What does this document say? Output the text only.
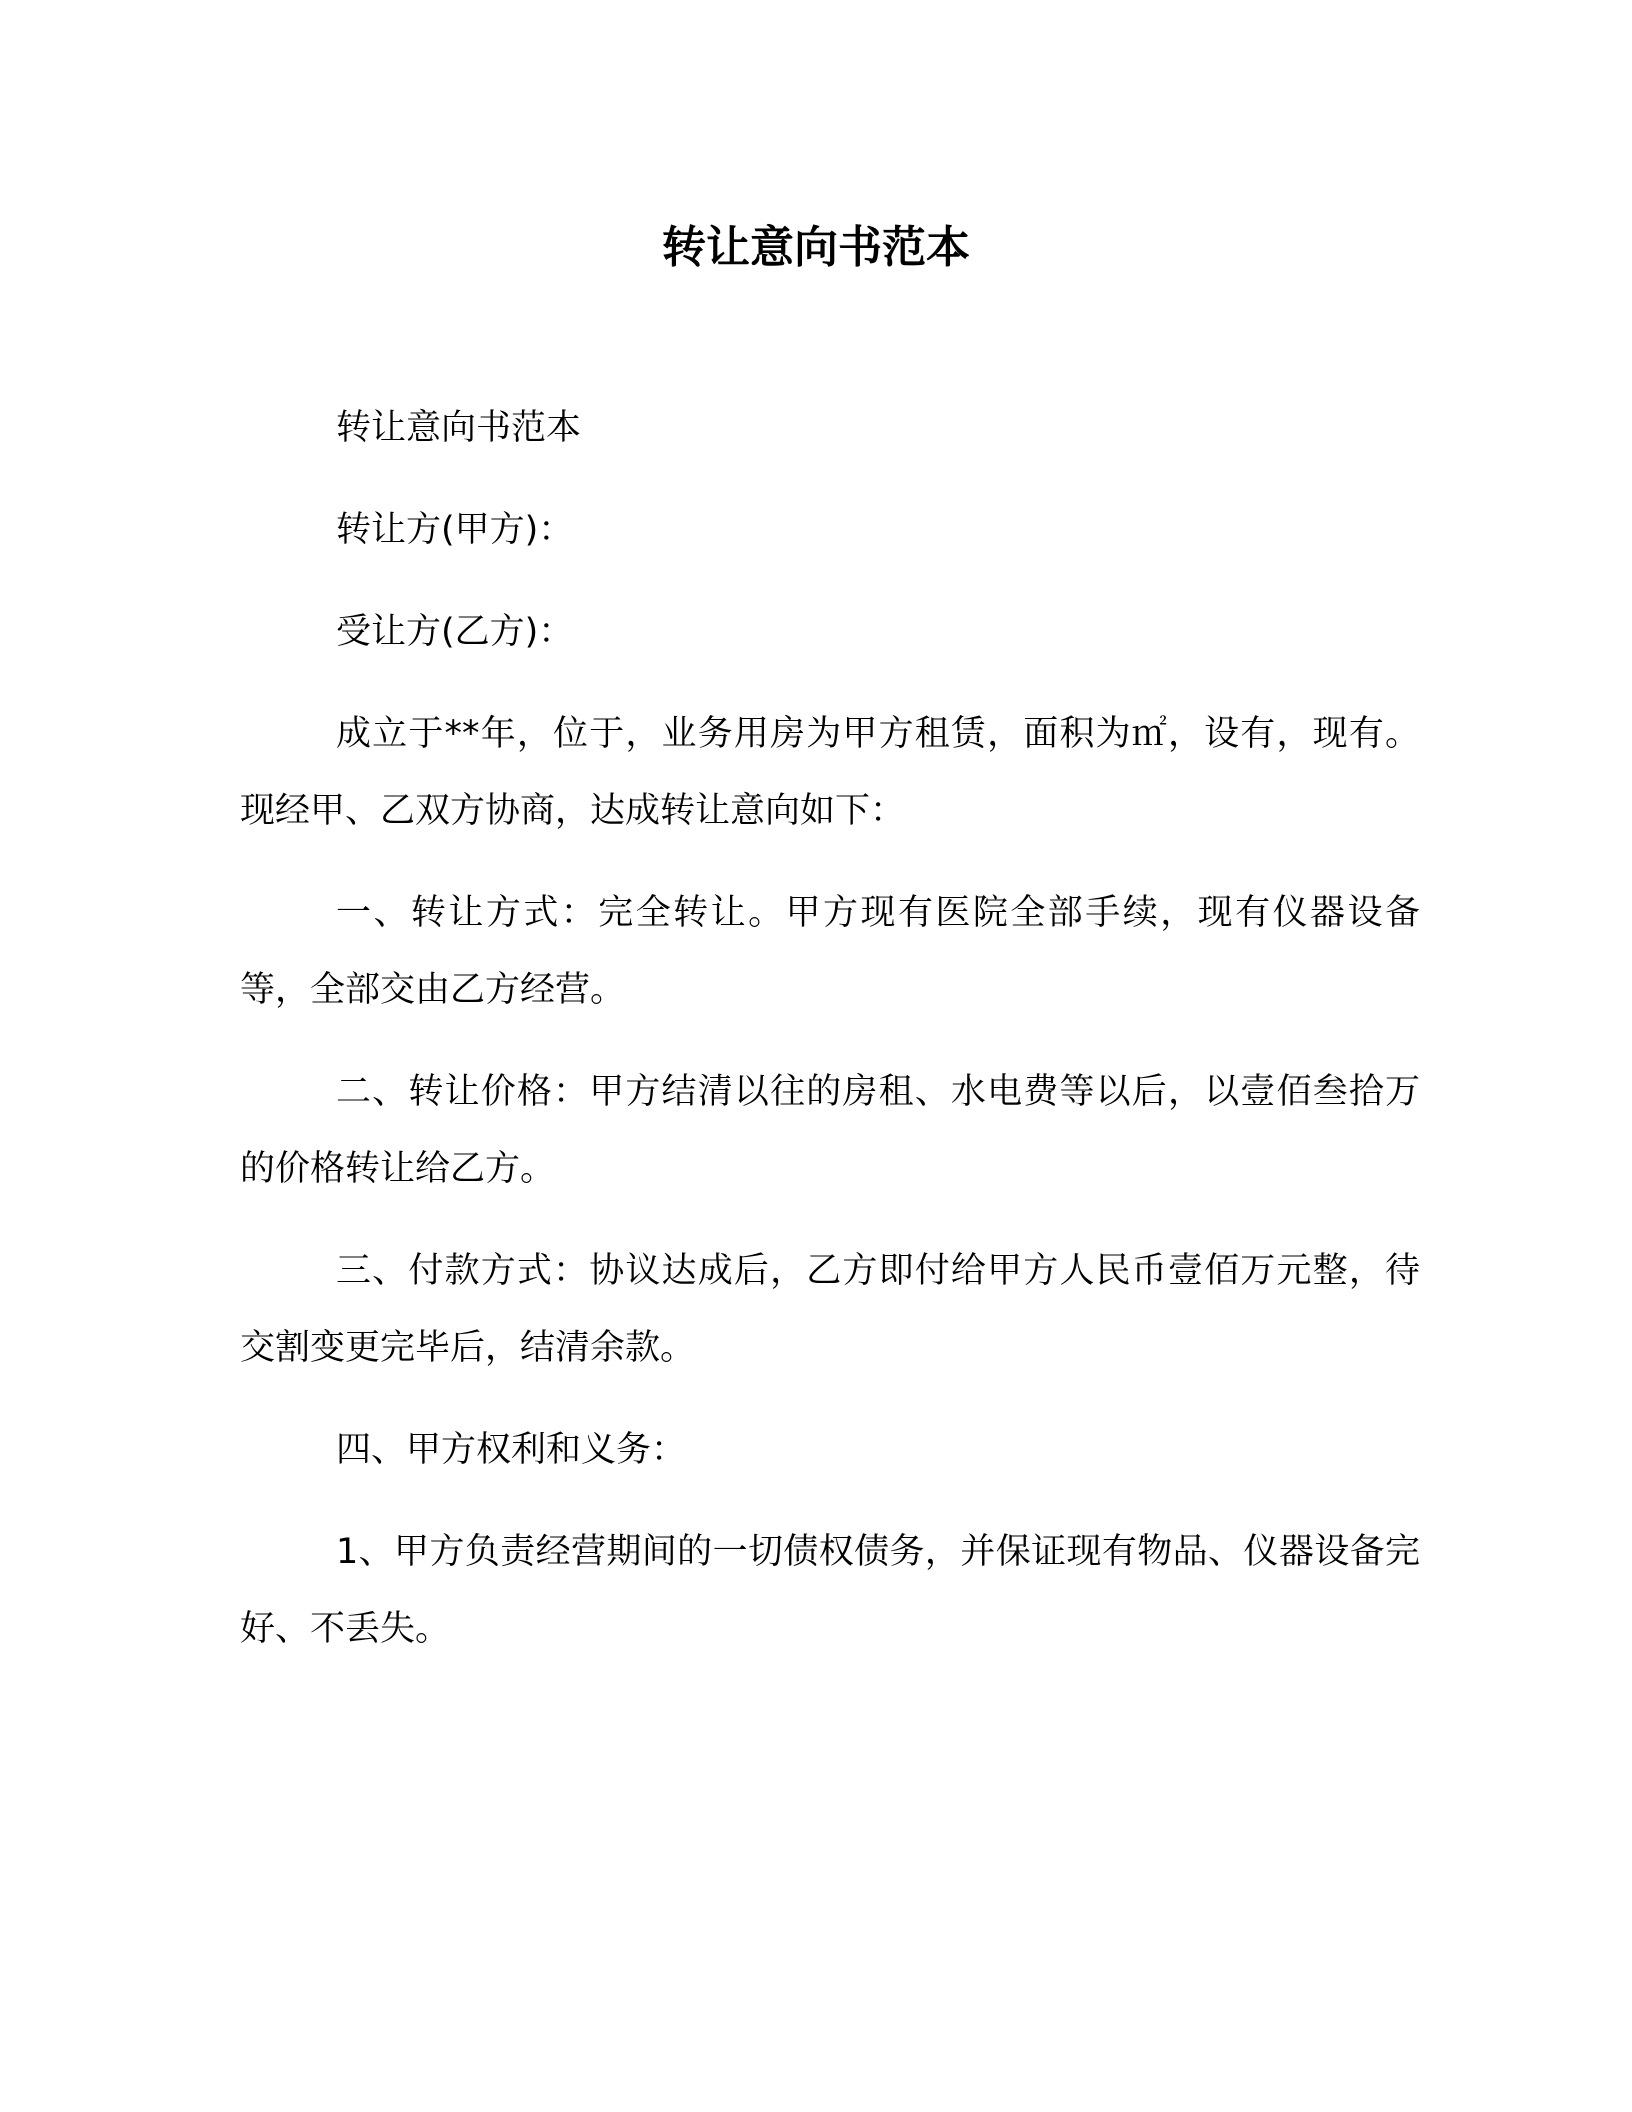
转让意向书范本

转让意向书范本

转让方(甲方)：

受让方(乙方)：

成立于**年，位于，业务用房为甲方租赁，面积为㎡，设有，现有。现经甲、乙双方协商，达成转让意向如下：

一、转让方式：完全转让。甲方现有医院全部手续，现有仪器设备等，全部交由乙方经营。

二、转让价格：甲方结清以往的房租、水电费等以后，以壹佰叁拾万的价格转让给乙方。

三、付款方式：协议达成后，乙方即付给甲方人民币壹佰万元整，待交割变更完毕后，结清余款。

四、甲方权利和义务：

1、甲方负责经营期间的一切债权债务，并保证现有物品、仪器设备完好、不丢失。
